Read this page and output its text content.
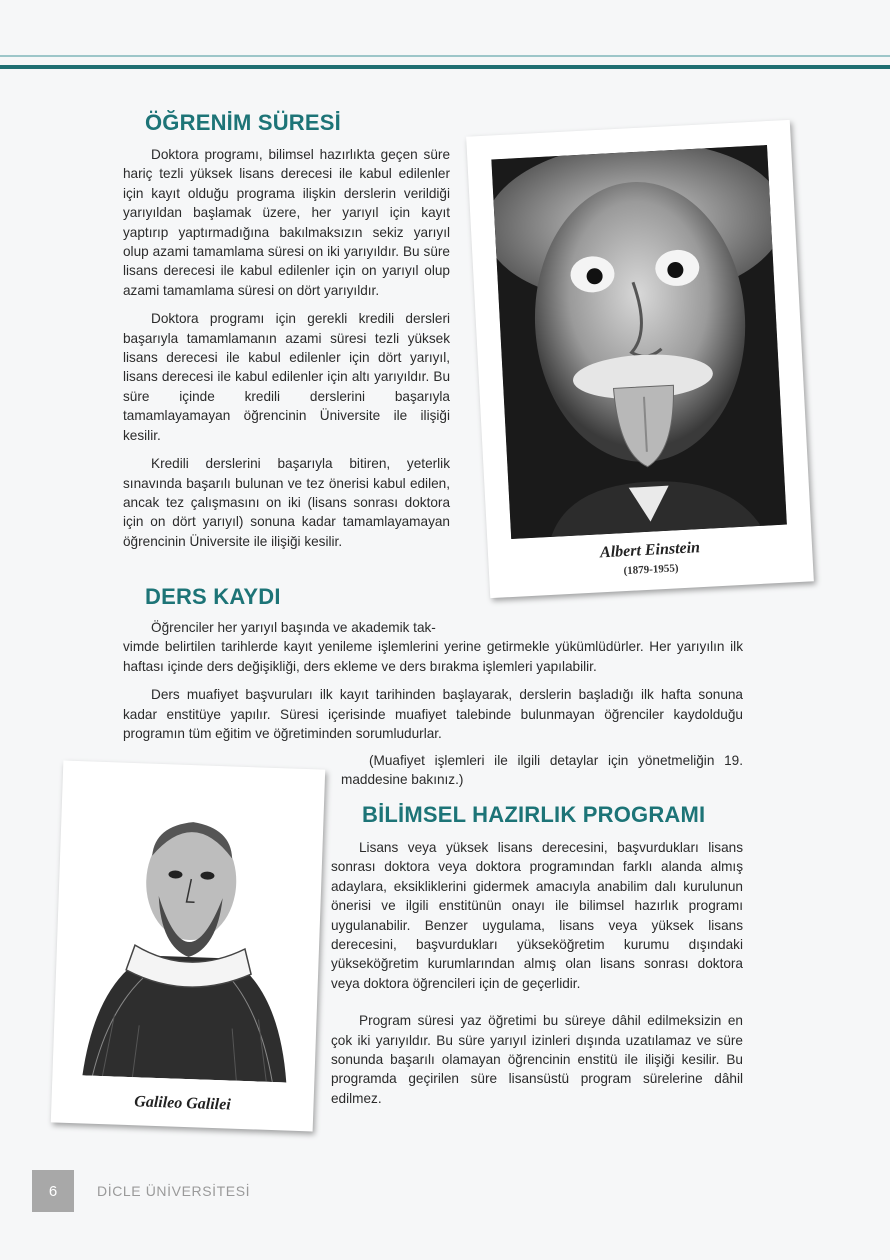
ÖĞRENİM SÜRESİ

Doktora programı, bilimsel hazırlıkta geçen süre hariç tezli yüksek lisans derecesi ile kabul edilenler için kayıt olduğu programa ilişkin derslerin verildiği yarıyıldan başlamak üzere, her yarıyıl için kayıt yaptırıp yaptırmadığına bakılmaksızın sekiz yarıyıl olup azami tamamlama süresi on iki yarıyıldır. Bu süre lisans derecesi ile kabul edilenler için on yarıyıl olup azami tamamlama süresi on dört yarıyıldır.

Doktora programı için gerekli kredili dersleri başarıyla tamamlamanın azami süresi tezli yüksek lisans derecesi ile kabul edilenler için dört yarıyıl, lisans derecesi ile kabul edilenler için altı yarıyıldır. Bu süre içinde kredili derslerini başarıyla tamamlayamayan öğrencinin Üniversite ile ilişiği kesilir.

Kredili derslerini başarıyla bitiren, yeterlik sınavında başarılı bulunan ve tez önerisi kabul edilen, ancak tez çalışmasını on iki (lisans sonrası doktora için on dört yarıyıl) sonuna kadar tamamlayamayan öğrencinin Üniversite ile ilişiği kesilir.	Albert Einstein
(1879-1955)
DERS KAYDI
Öğrenciler her yarıyıl başında ve akademik tak-
vimde belirtilen tarihlerde kayıt yenileme işlemlerini yerine getirmekle yükümlüdürler. Her yarıyılın ilk haftası içinde ders değişikliği, ders ekleme ve ders bırakma işlemleri yapılabilir.

Ders muafiyet başvuruları ilk kayıt tarihinden başlayarak, derslerin başladığı ilk hafta sonuna kadar enstitüye yapılır. Süresi içerisinde muafiyet talebinde bulunmayan öğrenciler kaydolduğu programın tüm eğitim ve öğretiminden sorumludurlar.

(Muafiyet işlemleri ile ilgili detaylar için yönetmeliğin 19. maddesine bakınız.)
Galileo Galilei
BİLİMSEL HAZIRLIK PROGRAMI

Lisans veya yüksek lisans derecesini, başvurdukları lisans sonrası doktora veya doktora programından farklı alanda almış adaylara, eksikliklerini gidermek amacıyla anabilim dalı kurulunun önerisi ve ilgili enstitünün onayı ile bilimsel hazırlık programı uygulanabilir. Benzer uygulama, lisans veya yüksek lisans derecesini, başvurdukları yükseköğretim kurumu dışındaki yükseköğretim kurumlarından almış olan lisans sonrası doktora veya doktora öğrencileri için de geçerlidir.

Program süresi yaz öğretimi bu süreye dâhil edilmeksizin en çok iki yarıyıldır. Bu süre yarıyıl izinleri dışında uzatılamaz ve süre sonunda başarılı olamayan öğrencinin enstitü ile ilişiği kesilir. Bu programda geçirilen süre lisansüstü program sürelerine dâhil edilmez.

6	DİCLE ÜNİVERSİTESİ
